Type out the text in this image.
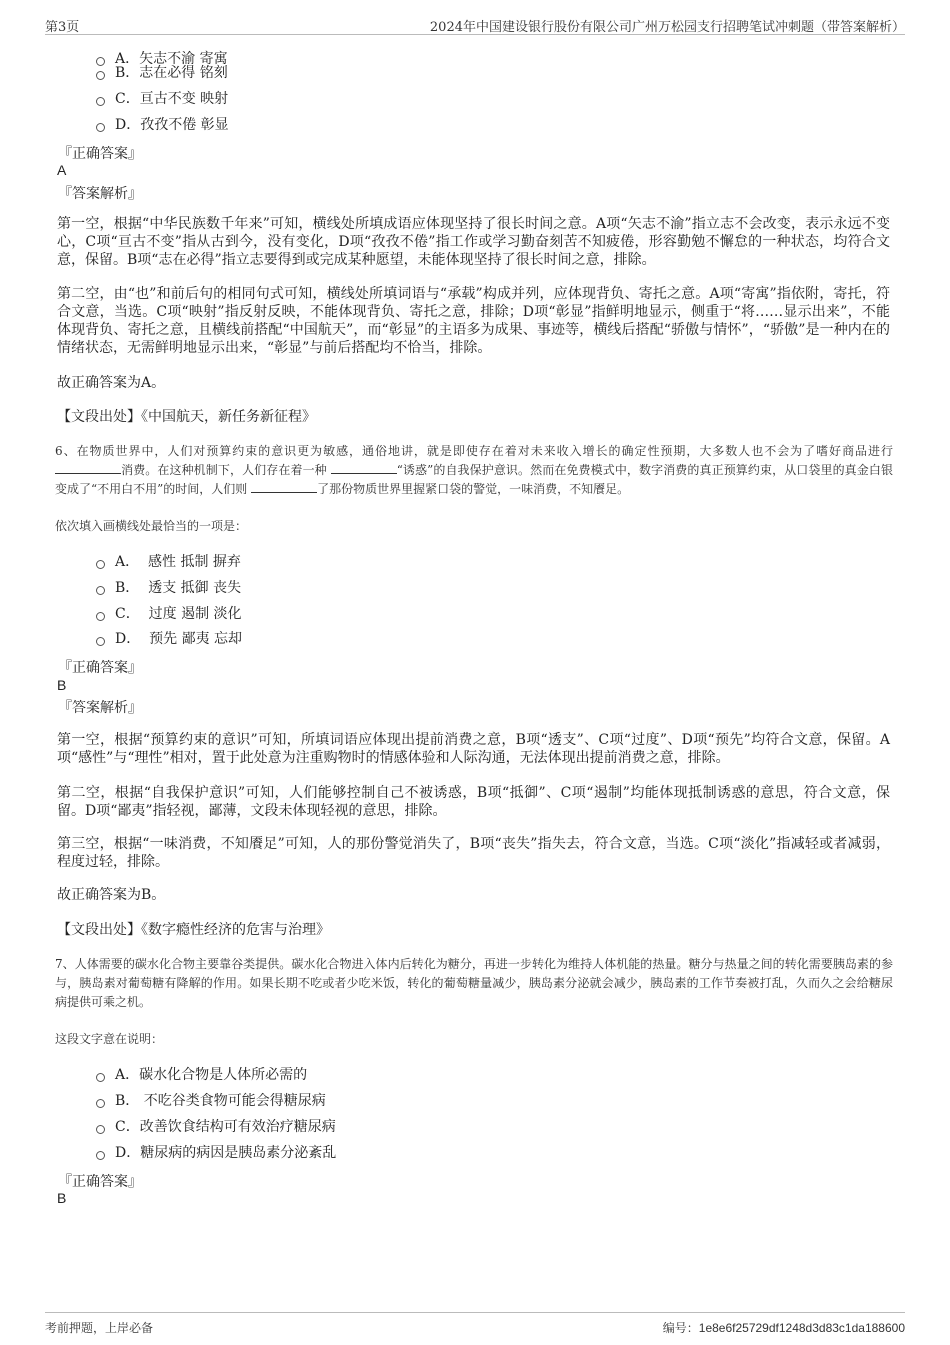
第3页	2024年中国建设银行股份有限公司广州万松园支行招聘笔试冲刺题（带答案解析）
A． 矢志不渝 寄寓
B． 志在必得 铭刻
C． 亘古不变 映射
D． 孜孜不倦 彰显
『正确答案』
A
『答案解析』
第一空，根据“中华民族数千年来”可知，横线处所填成语应体现坚持了很长时间之意。A项“矢志不渝”指立志不会改变，表示永远不变心，C项“亘古不变”指从古到今，没有变化，D项“孜孜不倦”指工作或学习勤奋刻苦不知疲倦，形容勤勉不懈怠的一种状态，均符合文意，保留。B项“志在必得”指立志要得到或完成某种愿望，未能体现坚持了很长时间之意，排除。
第二空，由“也”和前后句的相同句式可知，横线处所填词语与“承载”构成并列，应体现背负、寄托之意。A项“寄寓”指依附，寄托，符合文意，当选。C项“映射”指反射反映，不能体现背负、寄托之意，排除；D项“彰显”指鲜明地显示，侧重于“将……显示出来”，不能体现背负、寄托之意，且横线前搭配“中国航天”，而“彰显”的主语多为成果、事迹等，横线后搭配“骄傲与情怀”，“骄傲”是一种内在的情绪状态，无需鲜明地显示出来，“彰显”与前后搭配均不恰当，排除。
故正确答案为A。
【文段出处】《中国航天，新任务新征程》
6、在物质世界中，人们对预算约束的意识更为敏感，通俗地讲，就是即使存在着对未来收入增长的确定性预期，大多数人也不会为了嗜好商品进行 消费。在这种机制下，人们存在着一种	“诱惑”的自我保护意识。然而在免费模式中，数字消费的真正预算约束，从口袋里的真金白银变成了“不用白不用”的时间，人们则	了那份物质世界里握紧口袋的警觉，一味消费，不知餍足。
依次填入画横线处最恰当的一项是：
A．
感性 抵制 摒弃
B．
透支 抵御 丧失
C．
过度 遏制 淡化
D．
预先 鄙夷 忘却
『正确答案』
B
『答案解析』
第一空，根据“预算约束的意识”可知，所填词语应体现出提前消费之意，B项“透支”、C项“过度”、D项“预先”均符合文意，保留。A项“感性”与“理性”相对，置于此处意为注重购物时的情感体验和人际沟通，无法体现出提前消费之意，排除。
第二空，根据“自我保护意识”可知，人们能够控制自己不被诱惑，B项“抵御”、C项“遏制”均能体现抵制诱惑的意思，符合文意，保留。D项“鄙夷”指轻视，鄙薄，文段未体现轻视的意思，排除。
第三空，根据“一味消费，不知餍足”可知，人的那份警觉消失了，B项“丧失”指失去，符合文意，当选。C项“淡化”指减轻或者减弱，程度过轻，排除。
故正确答案为B。
【文段出处】《数字瘾性经济的危害与治理》
7、人体需要的碳水化合物主要靠谷类提供。碳水化合物进入体内后转化为糖分，再进一步转化为维持人体机能的热量。糖分与热量之间的转化需要胰岛素的参与，胰岛素对葡萄糖有降解的作用。如果长期不吃或者少吃米饭，转化的葡萄糖量减少，胰岛素分泌就会减少，胰岛素的工作节奏被打乱，久而久之会给糖尿病提供可乘之机。
这段文字意在说明：
A． 碳水化合物是人体所必需的
B．
不吃谷类食物可能会得糖尿病
C． 改善饮食结构可有效治疗糖尿病
D． 糖尿病的病因是胰岛素分泌紊乱
『正确答案』
B
考前押题，上岸必备	编号：1e8e6f25729df1248d3d83c1da188600
